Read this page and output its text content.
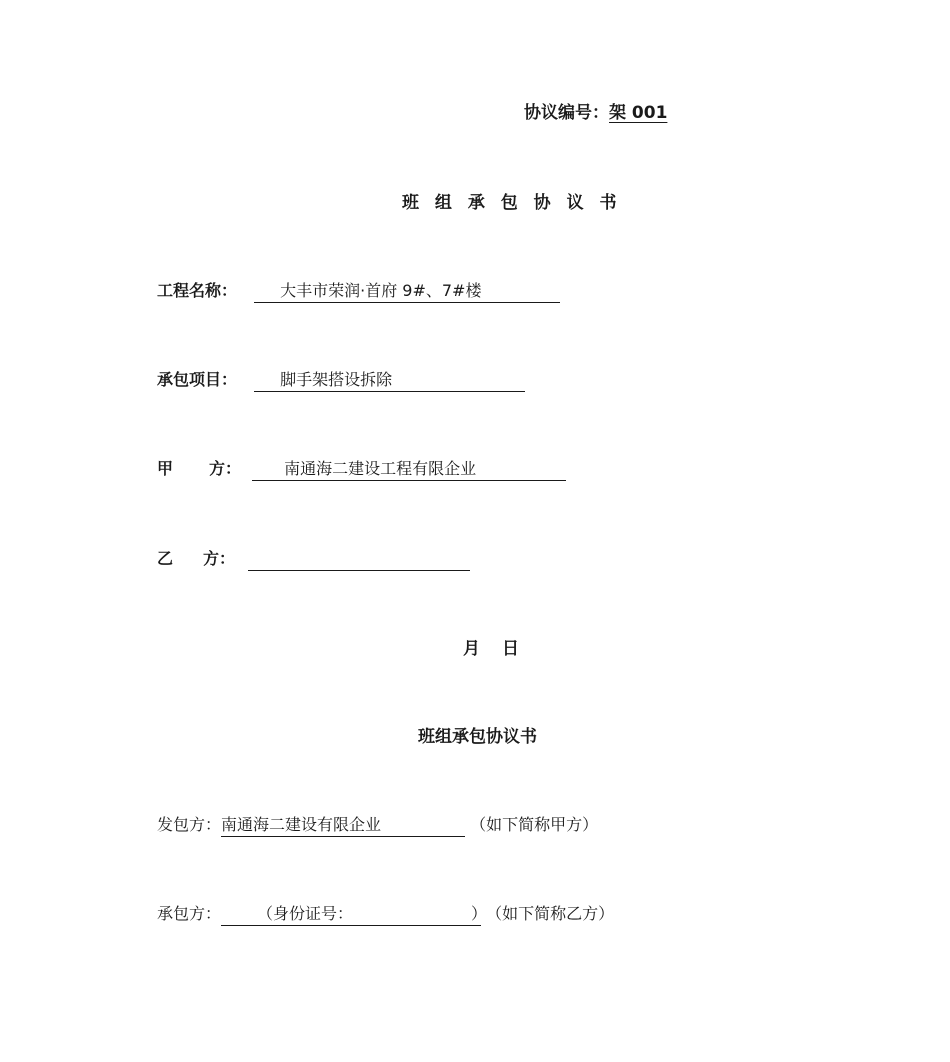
协议编号：架 001
班 组 承 包 协 议 书
工程名称：	大丰市荣润·首府 9#、7#楼
承包项目：	脚手架搭设拆除
甲 方：	南通海二建设工程有限企业
乙 方：
月 日
班组承包协议书
发包方：南通海二建设有限企业	（如下简称甲方）
承包方： （身份证号：	） （如下简称乙方）
